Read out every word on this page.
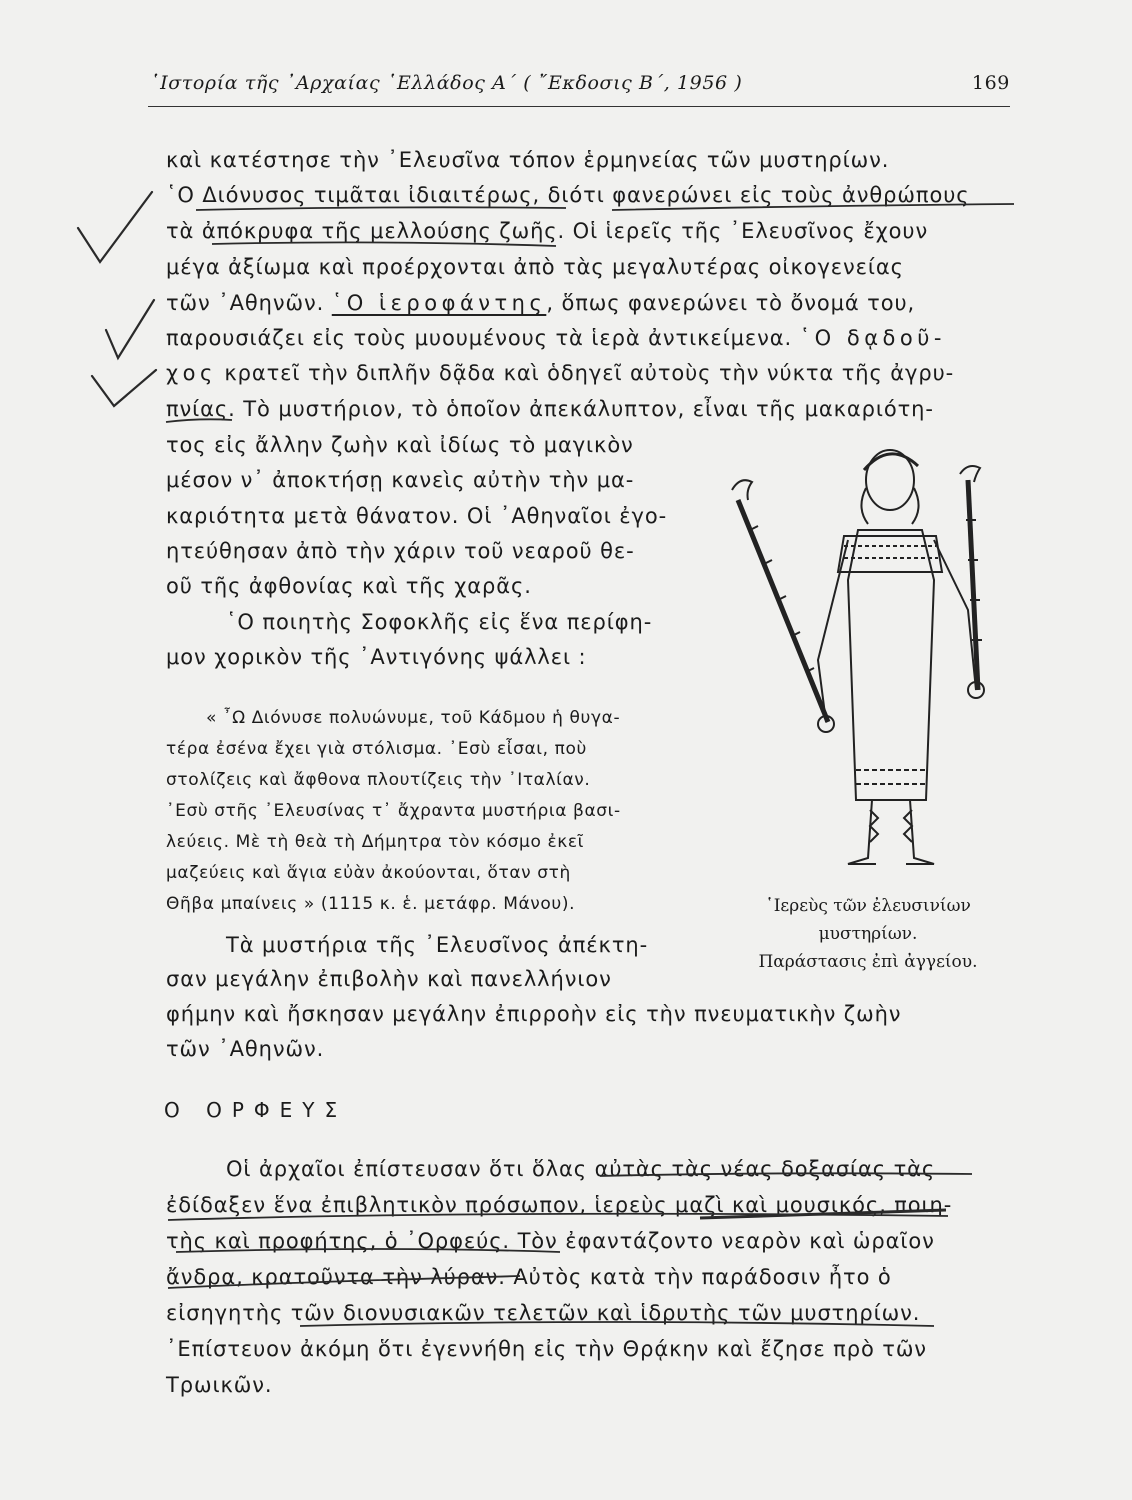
῾Ιστορία τῆς ᾿Αρχαίας ῾Ελλάδος Α΄ ( ῎Εκδοσις Β΄, 1956 )	169
καὶ κατέστησε τὴν ᾿Ελευσῖνα τόπον ἑρμηνείας τῶν μυστηρίων.
῾Ο Διόνυσος τιμᾶται ἰδιαιτέρως, διότι φανερώνει εἰς τοὺς ἀνθρώπους
τὰ ἀπόκρυφα τῆς μελλούσης ζωῆς. Οἱ ἱερεῖς τῆς ᾿Ελευσῖνος ἔχουν
μέγα ἀξίωμα καὶ προέρχονται ἀπὸ τὰς μεγαλυτέρας οἰκογενείας
τῶν ᾿Αθηνῶν. ῾Ο ἱεροφάντης, ὅπως φανερώνει τὸ ὄνομά του,
παρουσιάζει εἰς τοὺς μυουμένους τὰ ἱερὰ ἀντικείμενα. ῾Ο δᾳδοῦ-
χος κρατεῖ τὴν διπλῆν δᾷδα καὶ ὁδηγεῖ αὐτοὺς τὴν νύκτα τῆς ἀγρυ-
πνίας. Τὸ μυστήριον, τὸ ὁποῖον ἀπεκάλυπτον, εἶναι τῆς μακαριότη-
τος εἰς ἄλλην ζωὴν καὶ ἰδίως τὸ μαγικὸν
μέσον ν᾿ ἀποκτήσῃ κανεὶς αὐτὴν τὴν μα-
καριότητα μετὰ θάνατον. Οἱ ᾿Αθηναῖοι ἐγο-
ητεύθησαν ἀπὸ τὴν χάριν τοῦ νεαροῦ θε-
οῦ τῆς ἀφθονίας καὶ τῆς χαρᾶς.
῾Ο ποιητὴς Σοφοκλῆς εἰς ἕνα περίφη-
μον χορικὸν τῆς ᾿Αντιγόνης ψάλλει :
« ῏Ω Διόνυσε πολυώνυμε, τοῦ Κάδμου ἡ θυγα-
τέρα ἐσένα ἔχει γιὰ στόλισμα. ᾿Εσὺ εἶσαι, ποὺ
στολίζεις καὶ ἄφθονα πλουτίζεις τὴν ᾿Ιταλίαν.
᾿Εσὺ στῆς ᾿Ελευσίνας τ᾿ ἄχραντα μυστήρια βασι-
λεύεις. Μὲ τὴ θεὰ τὴ Δήμητρα τὸν κόσμο ἐκεῖ
μαζεύεις καὶ ἅγια εὐὰν ἀκούονται, ὅταν στὴ
Θῆβα μπαίνεις » (1115 κ. ἑ. μετάφρ. Μάνου).	῾Ιερεὺς τῶν ἐλευσινίων
μυστηρίων.
Παράστασις ἐπὶ ἀγγείου.
Τὰ μυστήρια τῆς ᾿Ελευσῖνος ἀπέκτη-
σαν μεγάλην ἐπιβολὴν καὶ πανελλήνιον
φήμην καὶ ἤσκησαν μεγάλην ἐπιρροὴν εἰς τὴν πνευματικὴν ζωὴν
τῶν ᾿Αθηνῶν.
Ο ΟΡΦΕΥΣ
Οἱ ἀρχαῖοι ἐπίστευσαν ὅτι ὅλας αὐτὰς τὰς νέας δοξασίας τὰς
ἐδίδαξεν ἕνα ἐπιβλητικὸν πρόσωπον, ἱερεὺς μαζὶ καὶ μουσικός, ποιη-
τὴς καὶ προφήτης, ὁ ᾿Ορφεύς. Τὸν ἐφαντάζοντο νεαρὸν καὶ ὡραῖον
ἄνδρα, κρατοῦντα τὴν λύραν. Αὐτὸς κατὰ τὴν παράδοσιν ἦτο ὁ
εἰσηγητὴς τῶν διονυσιακῶν τελετῶν καὶ ἱδρυτὴς τῶν μυστηρίων.
᾿Επίστευον ἀκόμη ὅτι ἐγεννήθη εἰς τὴν Θρᾴκην καὶ ἔζησε πρὸ τῶν
Τρωικῶν.
